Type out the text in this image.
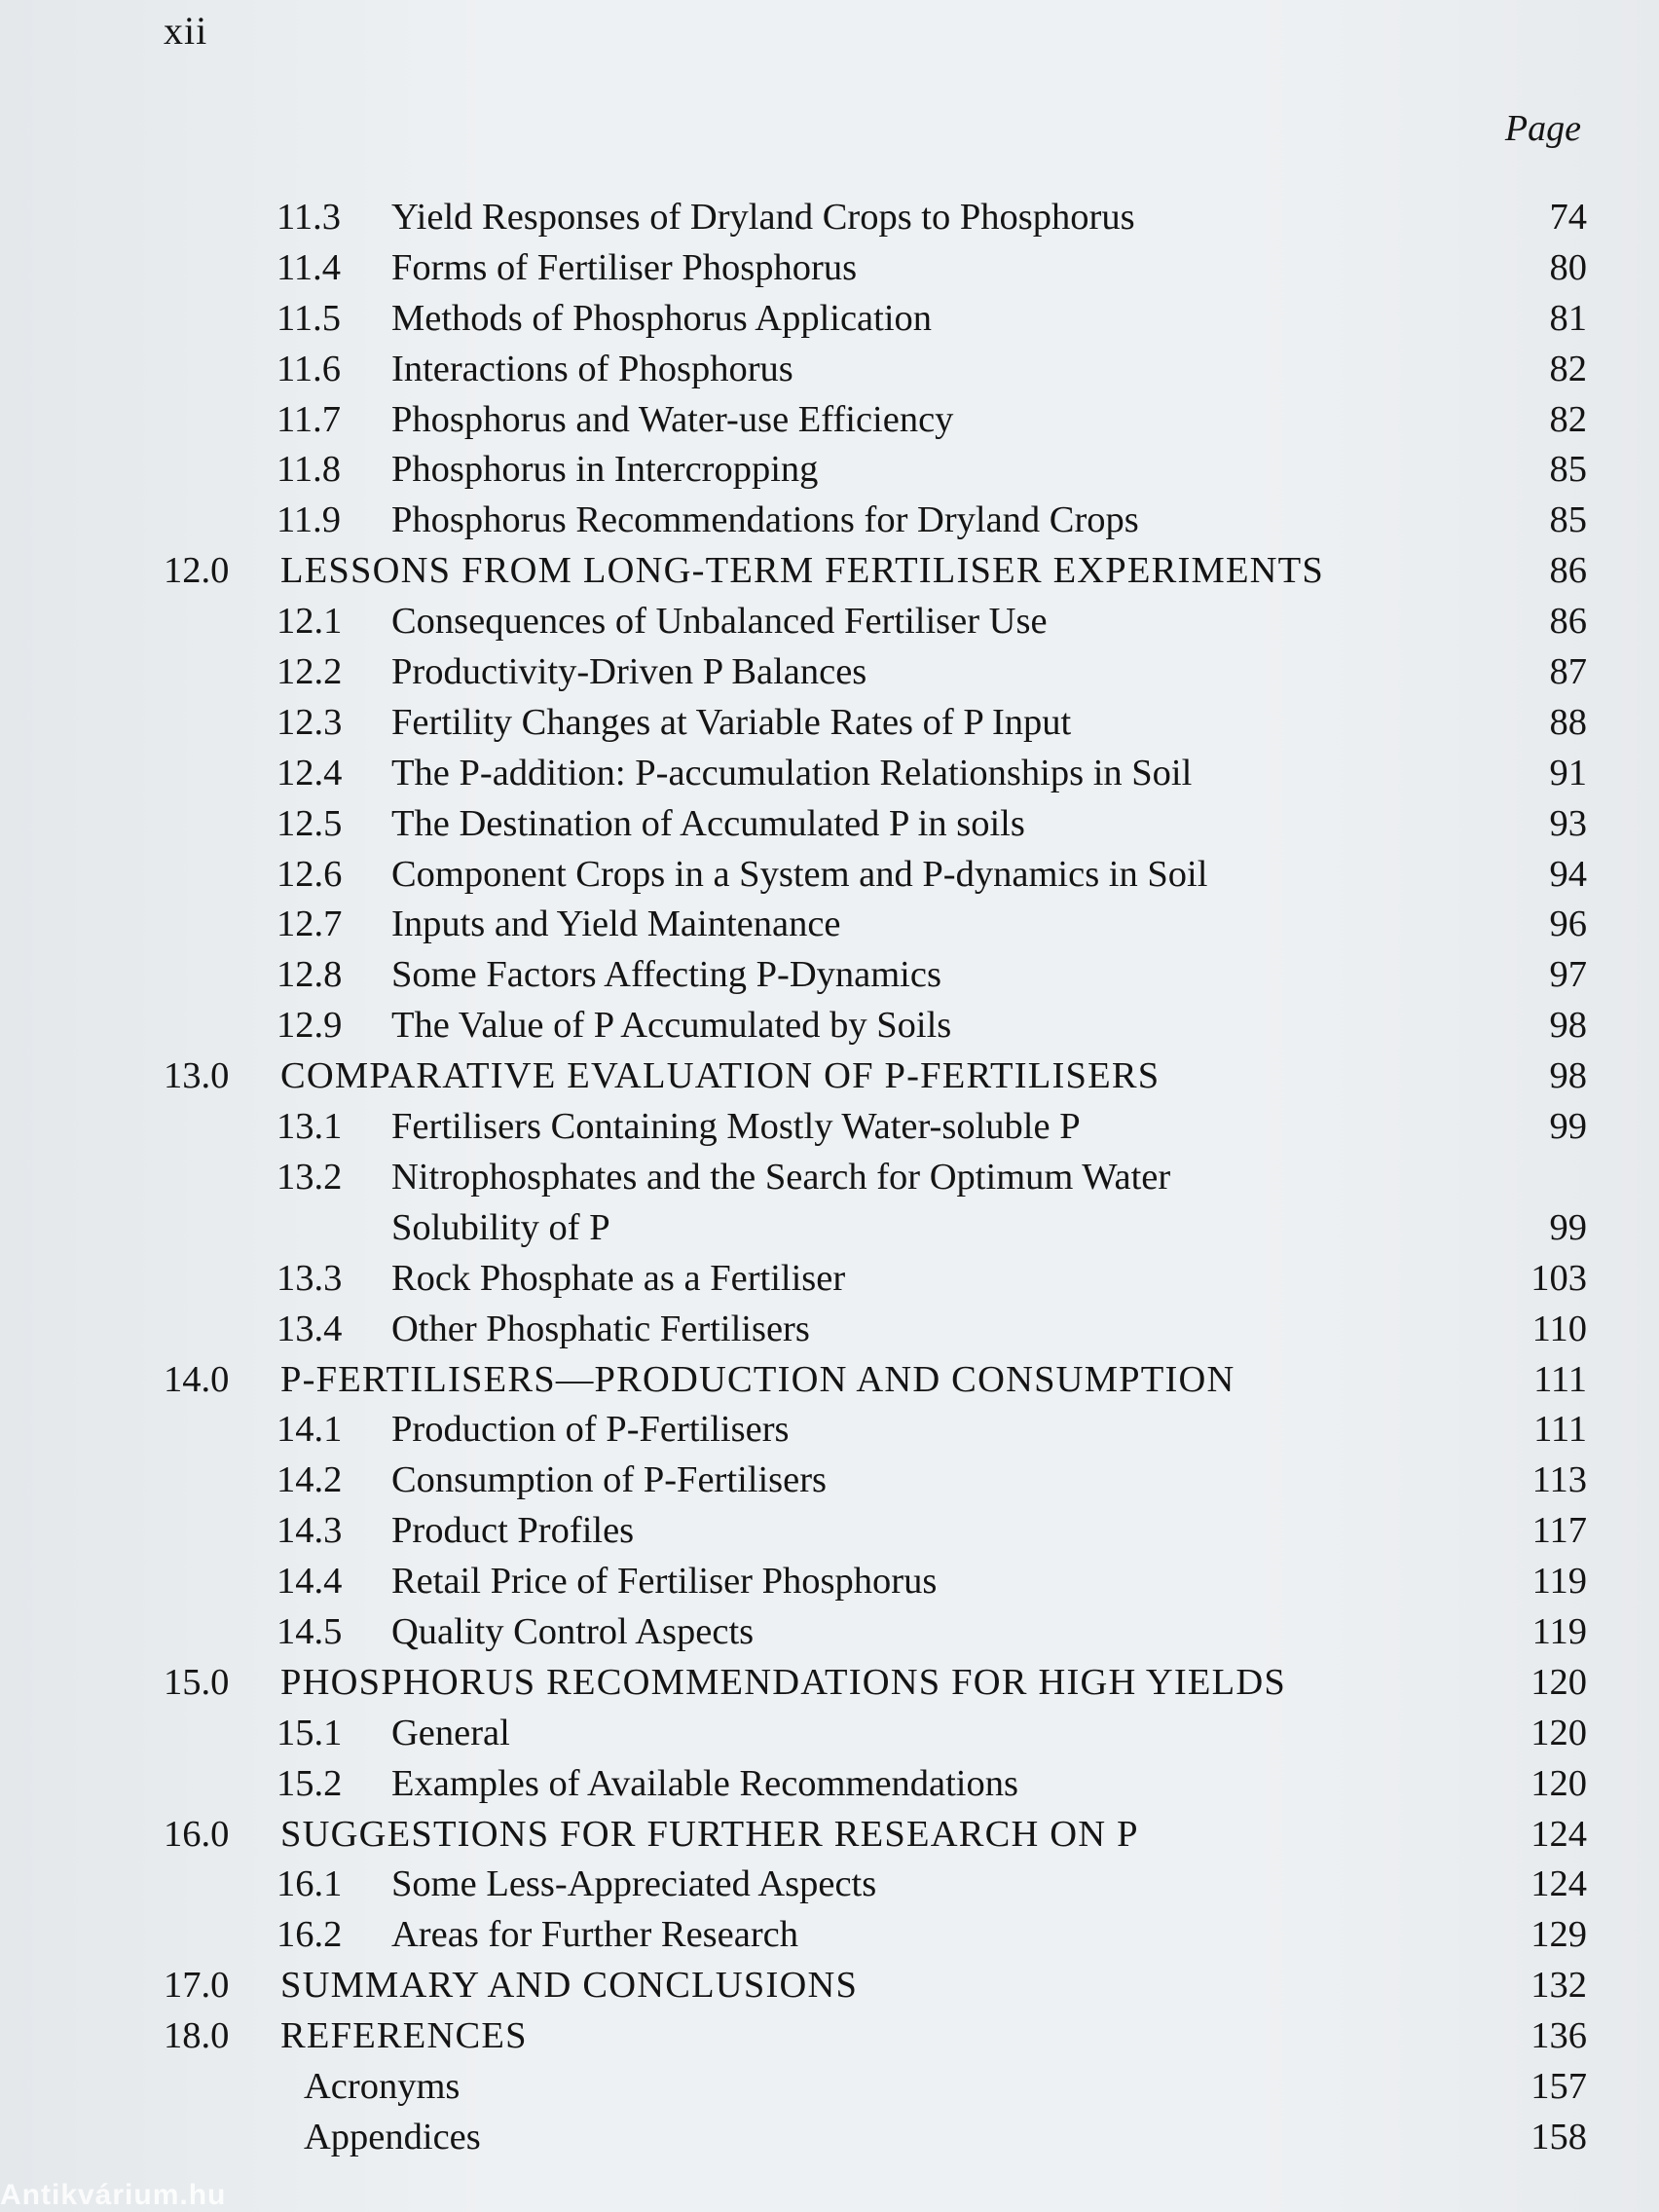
xii
Page
11.3 Yield Responses of Dryland Crops to Phosphorus	74
11.4 Forms of Fertiliser Phosphorus	80
11.5 Methods of Phosphorus Application	81
11.6 Interactions of Phosphorus	82
11.7 Phosphorus and Water-use Efficiency	82
11.8 Phosphorus in Intercropping	85
11.9 Phosphorus Recommendations for Dryland Crops	85
12.0 LESSONS FROM LONG-TERM FERTILISER EXPERIMENTS	86
12.1 Consequences of Unbalanced Fertiliser Use	86
12.2 Productivity-Driven P Balances	87
12.3 Fertility Changes at Variable Rates of P Input	88
12.4 The P-addition: P-accumulation Relationships in Soil	91
12.5 The Destination of Accumulated P in soils	93
12.6 Component Crops in a System and P-dynamics in Soil	94
12.7 Inputs and Yield Maintenance	96
12.8 Some Factors Affecting P-Dynamics	97
12.9 The Value of P Accumulated by Soils	98
13.0 COMPARATIVE EVALUATION OF P-FERTILISERS	98
13.1 Fertilisers Containing Mostly Water-soluble P	99
13.2 Nitrophosphates and the Search for Optimum Water
Solubility of P	99
13.3 Rock Phosphate as a Fertiliser	103
13.4 Other Phosphatic Fertilisers	110
14.0 P-FERTILISERS—PRODUCTION AND CONSUMPTION	111
14.1 Production of P-Fertilisers	111
14.2 Consumption of P-Fertilisers	113
14.3 Product Profiles	117
14.4 Retail Price of Fertiliser Phosphorus	119
14.5 Quality Control Aspects	119
15.0 PHOSPHORUS RECOMMENDATIONS FOR HIGH YIELDS	120
15.1 General	120
15.2 Examples of Available Recommendations	120
16.0 SUGGESTIONS FOR FURTHER RESEARCH ON P	124
16.1 Some Less-Appreciated Aspects	124
16.2 Areas for Further Research	129
17.0 SUMMARY AND CONCLUSIONS	132
18.0 REFERENCES	136
Acronyms	157
Appendices	158
Antikvárium.hu
